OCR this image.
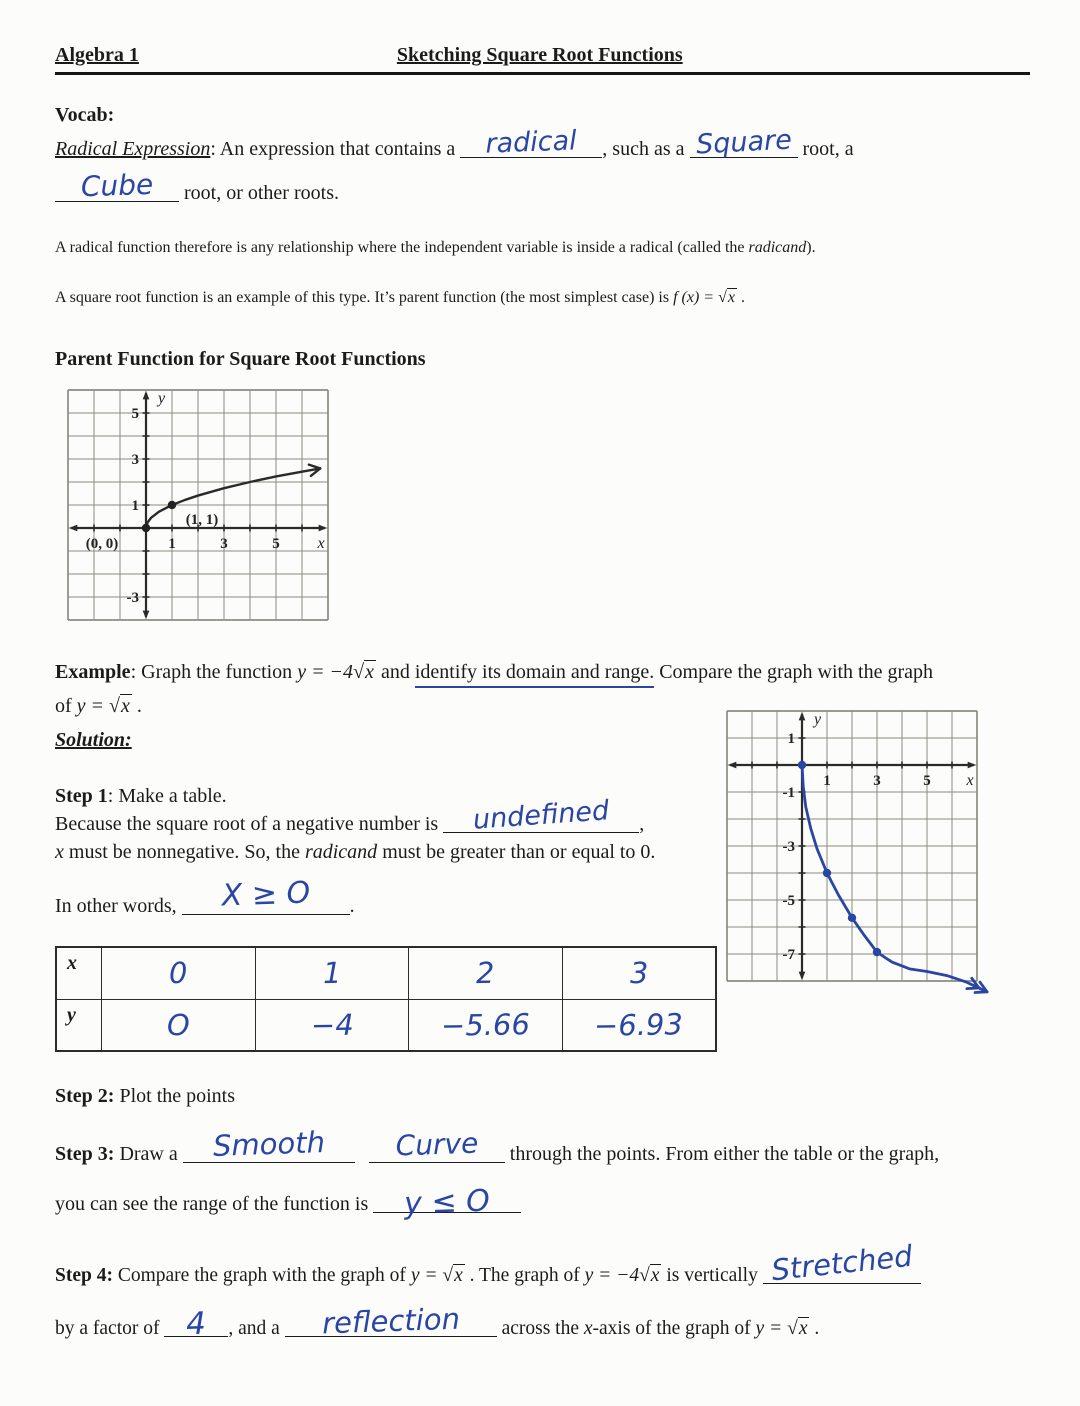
Algebra 1	Sketching Square Root Functions
Vocab:
Radical Expression: An expression that contains a radical , such as a Square root, a
Cube root, or other roots.

A radical function therefore is any relationship where the independent variable is inside a radical (called the radicand).

A square root function is an example of this type. It’s parent function (the most simplest case) is f (x) = √ x .

Parent Function for Square Root Functions
1	3	5
5
3
1
-3
x
y
(0, 0)
(1, 1)
1	3	5
1
-1
-3
-5
-7
x
y
Example: Graph the function y = −4 √ x and identify its domain and range. Compare the graph with the graph
of y = √ x .
Solution:
Step 1: Make a table.
Because the square root of a negative number is undefined ,
x must be nonnegative. So, the radicand must be greater than or equal to 0.
In other words, X ≥ O .
x	0	1	2	3
y	O	−4	−5.66	−6.93
Step 2: Plot the points
Step 3: Draw a Smooth Curve through the points. From either the table or the graph,
you can see the range of the function is y ≤ O
Step 4: Compare the graph with the graph of y = √ x . The graph of y = −4 √ x is vertically Stretched
by a factor of 4 , and a reflection across the x-axis of the graph of y = √ x .
